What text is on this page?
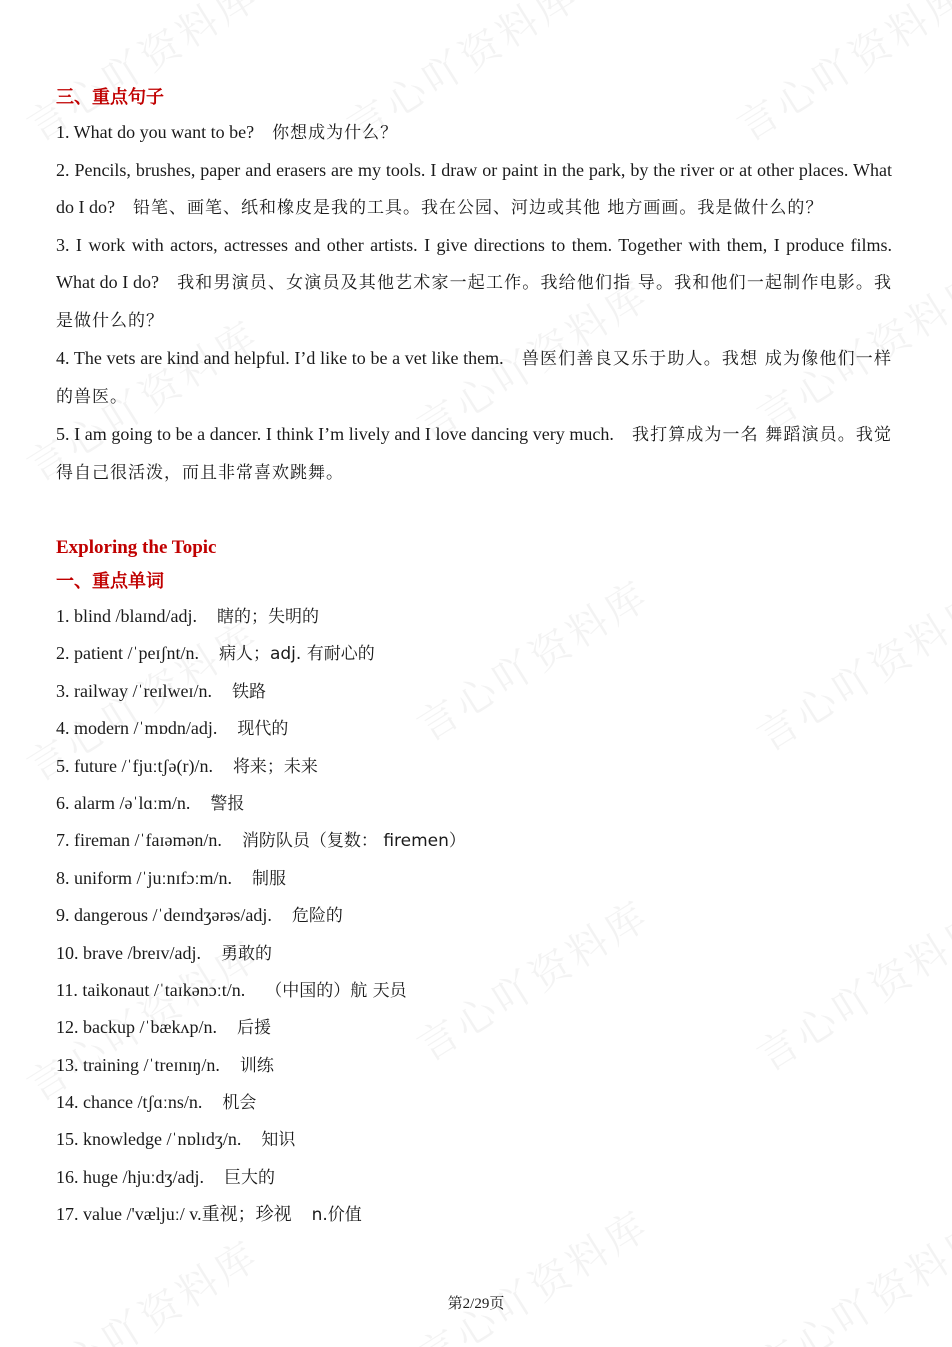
三、重点句子
1. What do you want to be? 你想成为什么？
2. Pencils, brushes, paper and erasers are my tools. I draw or paint in the park, by the river or at other places. What do I do? 铅笔、画笔、纸和橡皮是我的工具。我在公园、河边或其他 地方画画。我是做什么的？
3. I work with actors, actresses and other artists. I give directions to them. Together with them, I produce films. What do I do? 我和男演员、女演员及其他艺术家一起工作。我给他们指 导。我和他们一起制作电影。我是做什么的？
4. The vets are kind and helpful. I’d like to be a vet like them. 兽医们善良又乐于助人。我想 成为像他们一样的兽医。
5. I am going to be a dancer. I think I’m lively and I love dancing very much. 我打算成为一名 舞蹈演员。我觉得自己很活泼，而且非常喜欢跳舞。
Exploring the Topic
一、重点单词
1. blind /blaɪnd/adj. 瞎的；失明的
2. patient /ˈpeɪʃnt/n. 病人；adj. 有耐心的
3. railway /ˈreɪlweɪ/n. 铁路
4. modern /ˈmɒdn/adj. 现代的
5. future /ˈfjuːtʃə(r)/n. 将来；未来
6. alarm /əˈlɑːm/n. 警报
7. fireman /ˈfaɪəmən/n. 消防队员（复数： firemen）
8. uniform /ˈjuːnɪfɔːm/n. 制服
9. dangerous /ˈdeɪndʒərəs/adj. 危险的
10. brave /breɪv/adj. 勇敢的
11. taikonaut /ˈtaɪkənɔːt/n. （中国的）航 天员
12. backup /ˈbækʌp/n. 后援
13. training /ˈtreɪnɪŋ/n. 训练
14. chance /tʃɑːns/n. 机会
15. knowledge /ˈnɒlɪdʒ/n. 知识
16. huge /hjuːdʒ/adj. 巨大的
17. value /'væljuː/ v.重视；珍视 n.价值
第2/29页
